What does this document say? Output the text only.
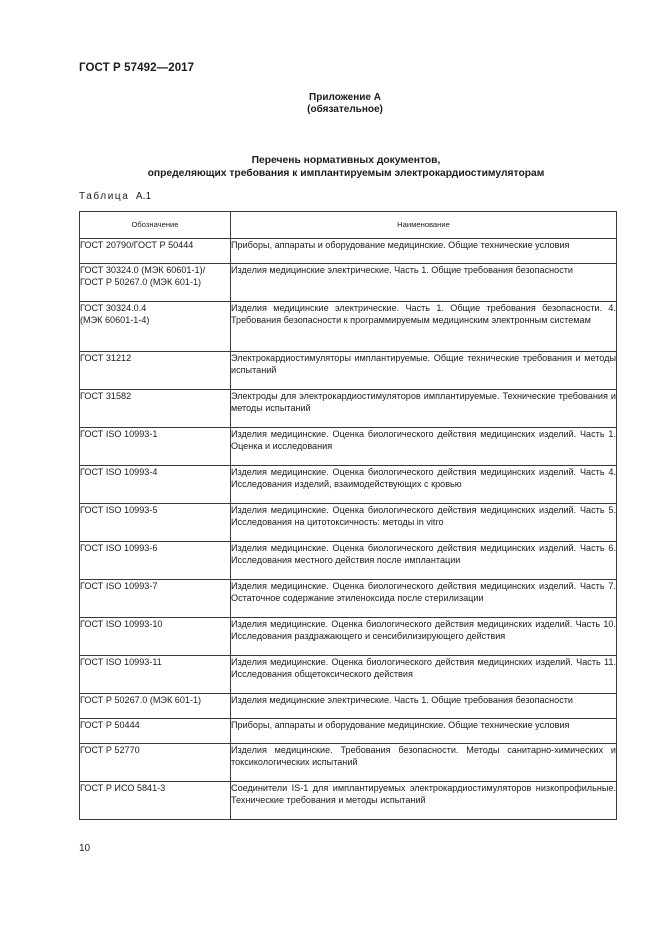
ГОСТ Р 57492—2017
Приложение А
(обязательное)
Перечень нормативных документов,
определяющих требования к имплантируемым электрокардиостимуляторам
Таблица А.1
Обозначение	Наименование

ГОСТ 20790/ГОСТ Р 50444	Приборы, аппараты и оборудование медицинские. Общие технические условия

ГОСТ 30324.0 (МЭК 60601-1)/
ГОСТ Р 50267.0 (МЭК 601-1)	Изделия медицинские электрические. Часть 1. Общие требования безопасности

ГОСТ 30324.0.4
(МЭК 60601-1-4)	Изделия медицинские электрические. Часть 1. Общие требования безопасности. 4. Требования безопасности к программируемым медицинским электронным системам

ГОСТ 31212	Электрокардиостимуляторы имплантируемые. Общие технические требования и методы испытаний

ГОСТ 31582	Электроды для электрокардиостимуляторов имплантируемые. Технические требования и методы испытаний

ГОСТ ISO 10993-1	Изделия медицинские. Оценка биологического действия медицинских изделий. Часть 1. Оценка и исследования

ГОСТ ISO 10993-4	Изделия медицинские. Оценка биологического действия медицинских изделий. Часть 4. Исследования изделий, взаимодействующих с кровью

ГОСТ ISO 10993-5	Изделия медицинские. Оценка биологического действия медицинских изделий. Часть 5. Исследования на цитотоксичность: методы in vitro

ГОСТ ISO 10993-6	Изделия медицинские. Оценка биологического действия медицинских изделий. Часть 6. Исследования местного действия после имплантации

ГОСТ ISO 10993-7	Изделия медицинские. Оценка биологического действия медицинских изделий. Часть 7. Остаточное содержание этиленоксида после стерилизации

ГОСТ ISO 10993-10	Изделия медицинские. Оценка биологического действия медицинских изделий. Часть 10. Исследования раздражающего и сенсибилизирующего действия

ГОСТ ISO 10993-11	Изделия медицинские. Оценка биологического действия медицинских изделий. Часть 11. Исследования общетоксического действия

ГОСТ Р 50267.0 (МЭК 601-1)	Изделия медицинские электрические. Часть 1. Общие требования безопасности

ГОСТ Р 50444	Приборы, аппараты и оборудование медицинские. Общие технические условия

ГОСТ Р 52770	Изделия медицинские. Требования безопасности. Методы санитарно-химических и токсикологических испытаний

ГОСТ Р ИСО 5841-3	Соединители IS-1 для имплантируемых электрокардиостимуляторов низкопрофильные. Технические требования и методы испытаний
10
